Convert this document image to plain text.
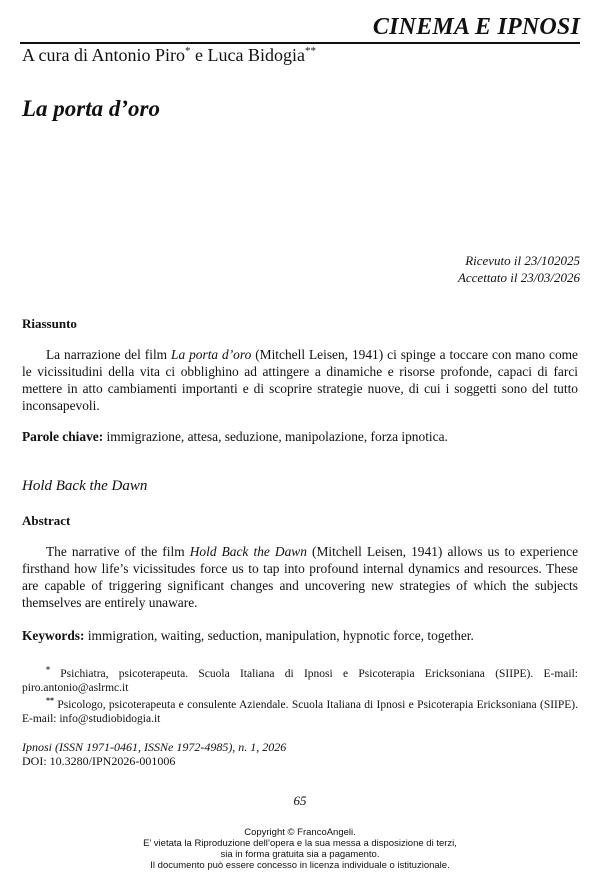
CINEMA E IPNOSI
A cura di Antonio Piro* e Luca Bidogia**
La porta d’oro
Ricevuto il 23/102025
Accettato il 23/03/2026
Riassunto
La narrazione del film La porta d’oro (Mitchell Leisen, 1941) ci spinge a toccare con mano come le vicissitudini della vita ci obblighino ad attingere a dinamiche e risorse profonde, capaci di farci mettere in atto cambiamenti importanti e di scoprire strategie nuove, di cui i soggetti sono del tutto inconsapevoli.
Parole chiave: immigrazione, attesa, seduzione, manipolazione, forza ipnotica.
Hold Back the Dawn
Abstract
The narrative of the film Hold Back the Dawn (Mitchell Leisen, 1941) allows us to experience firsthand how life’s vicissitudes force us to tap into profound internal dynamics and resources. These are capable of triggering significant changes and uncovering new strategies of which the subjects themselves are entirely unaware.
Keywords: immigration, waiting, seduction, manipulation, hypnotic force, together.
* Psichiatra, psicoterapeuta. Scuola Italiana di Ipnosi e Psicoterapia Ericksoniana (SIIPE). E-mail: piro.antonio@aslrmc.it
** Psicologo, psicoterapeuta e consulente Aziendale. Scuola Italiana di Ipnosi e Psicoterapia Ericksoniana (SIIPE). E-mail: info@studiobidogia.it
Ipnosi (ISSN 1971-0461, ISSNe 1972-4985), n. 1, 2026
DOI: 10.3280/IPN2026-001006
65
Copyright © FrancoAngeli.
E’ vietata la Riproduzione dell’opera e la sua messa a disposizione di terzi,
sia in forma gratuita sia a pagamento.
Il documento può essere concesso in licenza individuale o istituzionale.
